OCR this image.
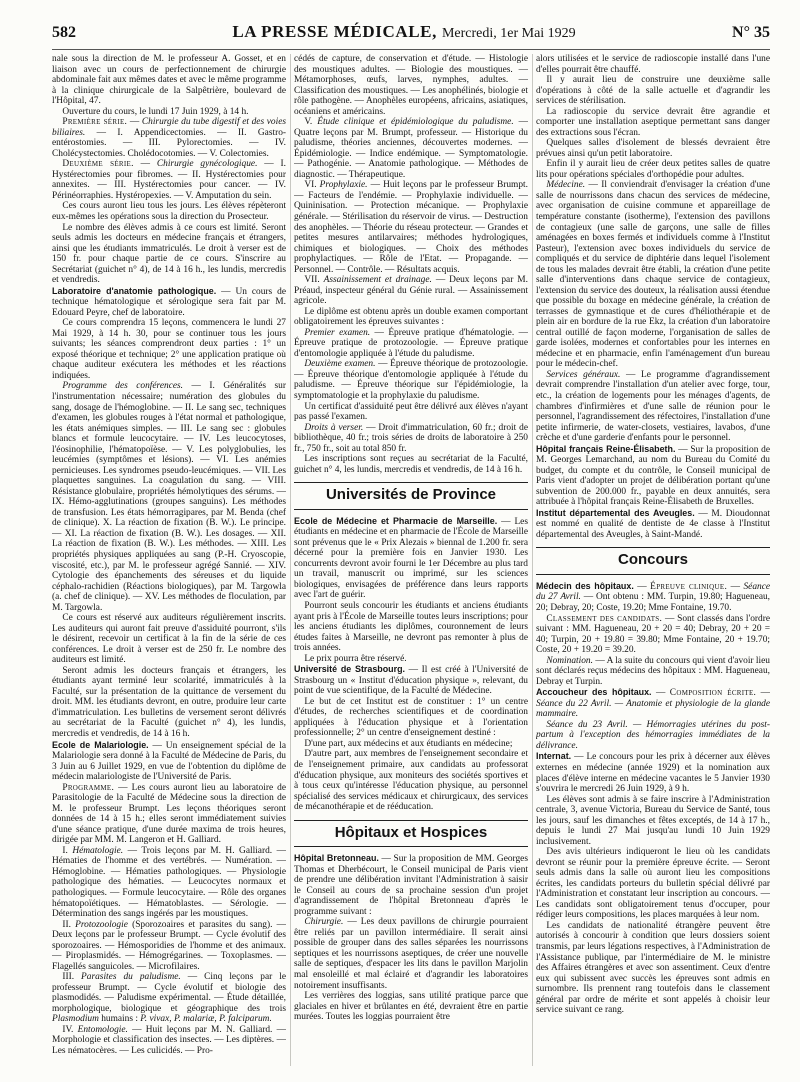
582	LA PRESSE MÉDICALE, Mercredi, 1er Mai 1929	N° 35

nale sous la direction de M. le professeur A. Gosset, et en liaison avec un cours de perfectionnement de chirurgie abdominale fait aux mêmes dates et avec le même programme à la clinique chirurgicale de la Salpêtrière, boulevard de l'Hôpital, 47.

Ouverture du cours, le lundi 17 Juin 1929, à 14 h.

Première série. — Chirurgie du tube digestif et des voies biliaires. — I. Appendicectomies. — II. Gastro-entérostomies. — III. Pylorectomies. — IV. Cholécystectomies. Cholédocotomies. — V. Colectomies.

Deuxième série. — Chirurgie gynécologique. — I. Hystérectomies pour fibromes. — II. Hystérectomies pour annexites. — III. Hystérectomies pour cancer. — IV. Périnéorraphies. Hystéropexies. — V. Amputation du sein.

Ces cours auront lieu tous les jours. Les élèves répèteront eux-mêmes les opérations sous la direction du Prosecteur.

Le nombre des élèves admis à ce cours est limité. Seront seuls admis les docteurs en médecine français et étrangers, ainsi que les étudiants immatriculés. Le droit à verser est de 150 fr. pour chaque partie de ce cours. S'inscrire au Secrétariat (guichet n° 4), de 14 à 16 h., les lundis, mercredis et vendredis.

Laboratoire d'anatomie pathologique. — Un cours de technique hématologique et sérologique sera fait par M. Edouard Peyre, chef de laboratoire.

Ce cours comprendra 15 leçons, commencera le lundi 27 Mai 1929, à 14 h. 30, pour se continuer tous les jours suivants; les séances comprendront deux parties : 1° un exposé théorique et technique; 2° une application pratique où chaque auditeur exécutera les méthodes et les réactions indiquées.

Programme des conférences. — I. Généralités sur l'instrumentation nécessaire; numération des globules du sang, dosage de l'hémoglobine. — II. Le sang sec, techniques d'examen, les globules rouges à l'état normal et pathologique, les états anémiques simples. — III. Le sang sec : globules blancs et formule leucocytaire. — IV. Les leucocytoses, l'éosinophilie, l'hématopoïèse. — V. Les polyglobulies, les leucémies (symptômes et lésions). — VI. Les anémies pernicieuses. Les syndromes pseudo-leucémiques. — VII. Les plaquettes sanguines. La coagulation du sang. — VIII. Résistance globulaire, propriétés hémolytiques des sérums. — IX. Hémo-agglutinations (groupes sanguins). Les méthodes de transfusion. Les états hémorragipares, par M. Benda (chef de clinique). X. La réaction de fixation (B. W.). Le principe. — XI. La réaction de fixation (B. W.). Les dosages. — XII. La réaction de fixation (B. W.). Les méthodes. — XIII. Les propriétés physiques appliquées au sang (P.-H. Cryoscopie, viscosité, etc.), par M. le professeur agrégé Sannié. — XIV. Cytologie des épanchements des séreuses et du liquide céphalo-rachidien (Réactions biologiques), par M. Targowla (a. chef de clinique). — XV. Les méthodes de floculation, par M. Targowla.

Ce cours est réservé aux auditeurs régulièrement inscrits. Les auditeurs qui auront fait preuve d'assiduité pourront, s'ils le désirent, recevoir un certificat à la fin de la série de ces conférences. Le droit à verser est de 250 fr. Le nombre des auditeurs est limité.

Seront admis les docteurs français et étrangers, les étudiants ayant terminé leur scolarité, immatriculés à la Faculté, sur la présentation de la quittance de versement du droit. MM. les étudiants devront, en outre, produire leur carte d'immatriculation. Les bulletins de versement seront délivrés au secrétariat de la Faculté (guichet n° 4), les lundis, mercredis et vendredis, de 14 à 16 h.

Ecole de Malariologie. — Un enseignement spécial de la Malariologie sera donné à la Faculté de Médecine de Paris, du 3 Juin au 6 Juillet 1929, en vue de l'obtention du diplôme de médecin malariologiste de l'Université de Paris.

Programme. — Les cours auront lieu au laboratoire de Parasitologie de la Faculté de Médecine sous la direction de M. le professeur Brumpt. Les leçons théoriques seront données de 14 à 15 h.; elles seront immédiatement suivies d'une séance pratique, d'une durée maxima de trois heures, dirigée par MM. M. Langeron et H. Galliard.

I. Hématologie. — Trois leçons par M. H. Galliard. — Hématies de l'homme et des vertébrés. — Numération. — Hémoglobine. — Hématies pathologiques. — Physiologie pathologique des hématies. — Leucocytes normaux et pathologiques. — Formule leucocytaire. — Rôle des organes hématopoïétiques. — Hématoblastes. — Sérologie. — Détermination des sangs ingérés par les moustiques.

II. Protozoologie (Sporozoaires et parasites du sang). — Deux leçons par le professeur Brumpt. — Cycle évolutif des sporozoaires. — Hémosporidies de l'homme et des animaux. — Piroplasmidés. — Hémogrégarines. — Toxoplasmes. — Flagellés sanguicoles. — Microfilaires.

III. Parasites du paludisme. — Cinq leçons par le professeur Brumpt. — Cycle évolutif et biologie des plasmodidés. — Paludisme expérimental. — Étude détaillée, morphologique, biologique et géographique des trois Plasmodium humains : P. vivax, P. malariæ, P. falciparum.

IV. Entomologie. — Huit leçons par M. N. Galliard. — Morphologie et classification des insectes. — Les diptères. — Les nématocères. — Les culicidés. — Pro-

cédés de capture, de conservation et d'étude. — Histologie des moustiques adultes. — Biologie des moustiques. — Métamorphoses, œufs, larves, nymphes, adultes. — Classification des moustiques. — Les anophélinés, biologie et rôle pathogène. — Anophèles européens, africains, asiatiques, océaniens et américains.

V. Étude clinique et épidémiologique du paludisme. — Quatre leçons par M. Brumpt, professeur. — Historique du paludisme, théories anciennes, découvertes modernes. — Épidémiologie. — Indice endémique. — Symptomatologie. — Pathogénie. — Anatomie pathologique. — Méthodes de diagnostic. — Thérapeutique.

VI. Prophylaxie. — Huit leçons par le professeur Brumpt. — Facteurs de l'endémie. — Prophylaxie individuelle. — Quininisation. — Protection mécanique. — Prophylaxie générale. — Stérilisation du réservoir de virus. — Destruction des anophèles. — Théorie du réseau protecteur. — Grandes et petites mesures antilarvaires; méthodes hydrologiques, chimiques et biologiques. — Choix des méthodes prophylactiques. — Rôle de l'Etat. — Propagande. — Personnel. — Contrôle. — Résultats acquis.

VII. Assainissement et drainage. — Deux leçons par M. Préaud, inspecteur général du Génie rural. — Assainissement agricole.

Le diplôme est obtenu après un double examen comportant obligatoirement les épreuves suivantes :

Premier examen. — Épreuve pratique d'hématologie. — Épreuve pratique de protozoologie. — Épreuve pratique d'entomologie appliquée à l'étude du paludisme.

Deuxième examen. — Épreuve théorique de protozoologie. — Épreuve théorique d'entomologie appliquée à l'étude du paludisme. — Épreuve théorique sur l'épidémiologie, la symptomatologie et la prophylaxie du paludisme.

Un certificat d'assiduité peut être délivré aux élèves n'ayant pas passé l'examen.

Droits à verser. — Droit d'immatriculation, 60 fr.; droit de bibliothèque, 40 fr.; trois séries de droits de laboratoire à 250 fr., 750 fr., soit au total 850 fr.

Les inscriptions sont reçues au secrétariat de la Faculté, guichet n° 4, les lundis, mercredis et vendredis, de 14 à 16 h.

Universités de Province

Ecole de Médecine et Pharmacie de Marseille. — Les étudiants en médecine et en pharmacie de l'École de Marseille sont prévenus que le « Prix Alezais » biennal de 1.200 fr. sera décerné pour la première fois en Janvier 1930. Les concurrents devront avoir fourni le 1er Décembre au plus tard un travail, manuscrit ou imprimé, sur les sciences biologiques, envisagées de préférence dans leurs rapports avec l'art de guérir.

Pourront seuls concourir les étudiants et anciens étudiants ayant pris à l'École de Marseille toutes leurs inscriptions; pour les anciens étudiants les diplômes, couronnement de leurs études faites à Marseille, ne devront pas remonter à plus de trois années.

Le prix pourra être réservé.

Université de Strasbourg. — Il est créé à l'Université de Strasbourg un « Institut d'éducation physique », relevant, du point de vue scientifique, de la Faculté de Médecine.

Le but de cet Institut est de constituer : 1° un centre d'études, de recherches scientifiques et de coordination appliquées à l'éducation physique et à l'orientation professionnelle; 2° un centre d'enseignement destiné :

D'une part, aux médecins et aux étudiants en médecine;

D'autre part, aux membres de l'enseignement secondaire et de l'enseignement primaire, aux candidats au professorat d'éducation physique, aux moniteurs des sociétés sportives et à tous ceux qu'intéresse l'éducation physique, au personnel spécialisé des services médicaux et chirurgicaux, des services de mécanothérapie et de rééducation.

Hôpitaux et Hospices

Hôpital Bretonneau. — Sur la proposition de MM. Georges Thomas et Dherbécourt, le Conseil municipal de Paris vient de prendre une délibération invitant l'Administration à saisir le Conseil au cours de sa prochaine session d'un projet d'agrandissement de l'hôpital Bretonneau d'après le programme suivant :

Chirurgie. — Les deux pavillons de chirurgie pourraient être reliés par un pavillon intermédiaire. Il serait ainsi possible de grouper dans des salles séparées les nourrissons septiques et les nourrissons aseptiques, de créer une nouvelle salle de septiques, d'espacer les lits dans le pavillon Marjolin mal ensoleillé et mal éclairé et d'agrandir les laboratoires notoirement insuffisants.

Les verrières des loggias, sans utilité pratique parce que glaciales en hiver et brûlantes en été, devraient être en partie murées. Toutes les loggias pourraient être

alors utilisées et le service de radioscopie installé dans l'une d'elles pourrait être chauffé.

Il y aurait lieu de construire une deuxième salle d'opérations à côté de la salle actuelle et d'agrandir les services de stérilisation.

La radioscopie du service devrait être agrandie et comporter une installation aseptique permettant sans danger des extractions sous l'écran.

Quelques salles d'isolement de blessés devraient être prévues ainsi qu'un petit laboratoire.

Enfin il y aurait lieu de créer deux petites salles de quatre lits pour opérations spéciales d'orthopédie pour adultes.

Médecine. — Il conviendrait d'envisager la création d'une salle de nourrissons dans chacun des services de médecine, avec organisation de cuisine commune et appareillage de température constante (isotherme), l'extension des pavillons de contagieux (une salle de garçons, une salle de filles aménagées en boxes fermés et individuels comme à l'Institut Pasteur), l'extension avec boxes individuels du service de compliqués et du service de diphtérie dans lequel l'isolement de tous les malades devrait être établi, la création d'une petite salle d'interventions dans chaque service de contagieux, l'extension du service des douteux, la réalisation aussi étendue que possible du boxage en médecine générale, la création de terrasses de gymnastique et de cures d'héliothérapie et de plein air en bordure de la rue Ekz, la création d'un laboratoire central outillé de façon moderne, l'organisation de salles de garde isolées, modernes et confortables pour les internes en médecine et en pharmacie, enfin l'aménagement d'un bureau pour le médecin-chef.

Services généraux. — Le programme d'agrandissement devrait comprendre l'installation d'un atelier avec forge, tour, etc., la création de logements pour les ménages d'agents, de chambres d'infirmières et d'une salle de réunion pour le personnel, l'agrandissement des réfectoires, l'installation d'une petite infirmerie, de water-closets, vestiaires, lavabos, d'une crèche et d'une garderie d'enfants pour le personnel.

Hôpital français Reine-Élisabeth. — Sur la proposition de M. Georges Lemarchand, au nom du Bureau du Comité du budget, du compte et du contrôle, le Conseil municipal de Paris vient d'adopter un projet de délibération portant qu'une subvention de 200.000 fr., payable en deux annuités, sera attribuée à l'hôpital français Reine-Élisabeth de Bruxelles.

Institut départemental des Aveugles. — M. Dioudonnat est nommé en qualité de dentiste de 4e classe à l'Institut départemental des Aveugles, à Saint-Mandé.

Concours

Médecin des hôpitaux. — Épreuve clinique. — Séance du 27 Avril. — Ont obtenu : MM. Turpin, 19.80; Hagueneau, 20; Debray, 20; Coste, 19.20; Mme Fontaine, 19.70.

Classement des candidats. — Sont classés dans l'ordre suivant : MM. Hagueneau, 20 + 20 = 40; Debray, 20 + 20 = 40; Turpin, 20 + 19.80 = 39.80; Mme Fontaine, 20 + 19.70; Coste, 20 + 19.20 = 39.20.

Nomination. — A la suite du concours qui vient d'avoir lieu sont déclarés reçus médecins des hôpitaux : MM. Hagueneau, Debray et Turpin.

Accoucheur des hôpitaux. — Composition écrite. — Séance du 22 Avril. — Anatomie et physiologie de la glande mammaire.

Séance du 23 Avril. — Hémorragies utérines du post-partum à l'exception des hémorragies immédiates de la délivrance.

Internat. — Le concours pour les prix à décerner aux élèves externes en médecine (année 1929) et la nomination aux places d'élève interne en médecine vacantes le 5 Janvier 1930 s'ouvrira le mercredi 26 Juin 1929, à 9 h.

Les élèves sont admis à se faire inscrire à l'Administration centrale, 3, avenue Victoria, Bureau du Service de Santé, tous les jours, sauf les dimanches et fêtes exceptés, de 14 à 17 h., depuis le lundi 27 Mai jusqu'au lundi 10 Juin 1929 inclusivement.

Des avis ultérieurs indiqueront le lieu où les candidats devront se réunir pour la première épreuve écrite. — Seront seuls admis dans la salle où auront lieu les compositions écrites, les candidats porteurs du bulletin spécial délivré par l'Administration et constatant leur inscription au concours. — Les candidats sont obligatoirement tenus d'occuper, pour rédiger leurs compositions, les places marquées à leur nom.

Les candidats de nationalité étrangère peuvent être autorisés à concourir à condition que leurs dossiers soient transmis, par leurs légations respectives, à l'Administration de l'Assistance publique, par l'intermédiaire de M. le ministre des Affaires étrangères et avec son assentiment. Ceux d'entre eux qui subissent avec succès les épreuves sont admis en surnombre. Ils prennent rang toutefois dans le classement général par ordre de mérite et sont appelés à choisir leur service suivant ce rang.
